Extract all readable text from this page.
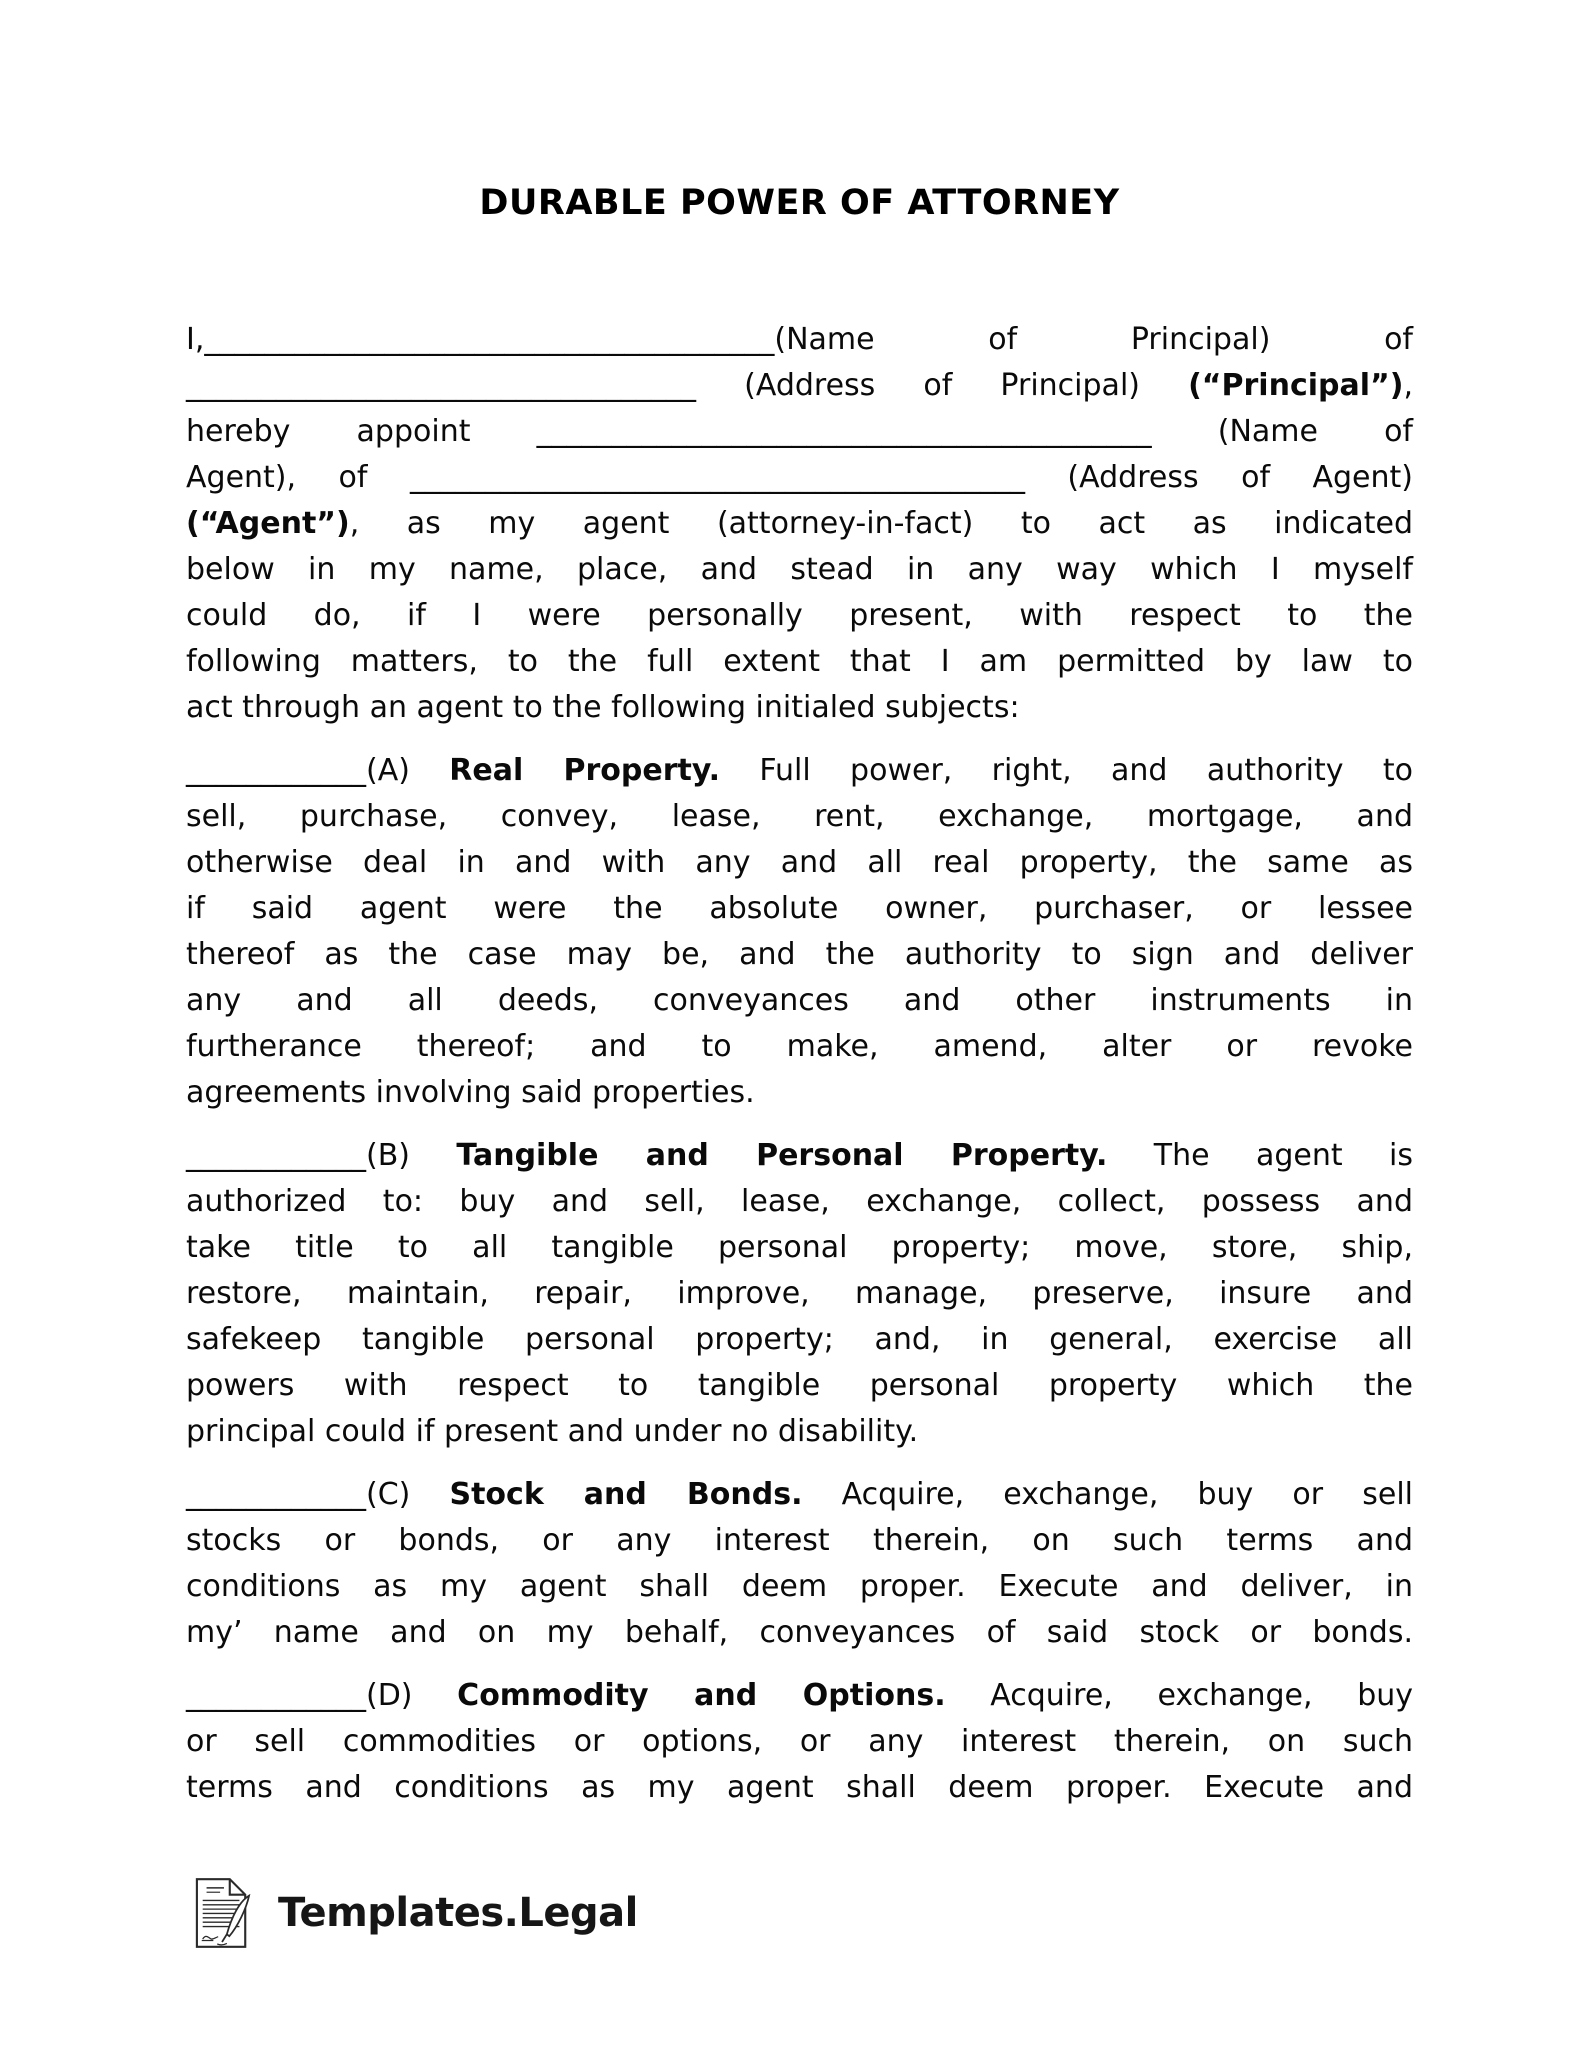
DURABLE POWER OF ATTORNEY
I,______________________________________(Name of Principal) of
__________________________________ (Address of Principal) (“Principal”),
hereby appoint _________________________________________ (Name of
Agent), of _________________________________________ (Address of Agent)
(“Agent”), as my agent (attorney-in-fact) to act as indicated
below in my name, place, and stead in any way which I myself
could do, if I were personally present, with respect to the
following matters, to the full extent that I am permitted by law to
act through an agent to the following initialed subjects:
____________(A) Real Property. Full power, right, and authority to
sell, purchase, convey, lease, rent, exchange, mortgage, and
otherwise deal in and with any and all real property, the same as
if said agent were the absolute owner, purchaser, or lessee
thereof as the case may be, and the authority to sign and deliver
any and all deeds, conveyances and other instruments in
furtherance thereof; and to make, amend, alter or revoke
agreements involving said properties.
____________(B) Tangible and Personal Property. The agent is
authorized to: buy and sell, lease, exchange, collect, possess and
take title to all tangible personal property; move, store, ship,
restore, maintain, repair, improve, manage, preserve, insure and
safekeep tangible personal property; and, in general, exercise all
powers with respect to tangible personal property which the
principal could if present and under no disability.
____________(C) Stock and Bonds. Acquire, exchange, buy or sell
stocks or bonds, or any interest therein, on such terms and
conditions as my agent shall deem proper. Execute and deliver, in
my’ name and on my behalf, conveyances of said stock or bonds.
____________(D) Commodity and Options. Acquire, exchange, buy
or sell commodities or options, or any interest therein, on such
terms and conditions as my agent shall deem proper. Execute and
Templates.Legal
